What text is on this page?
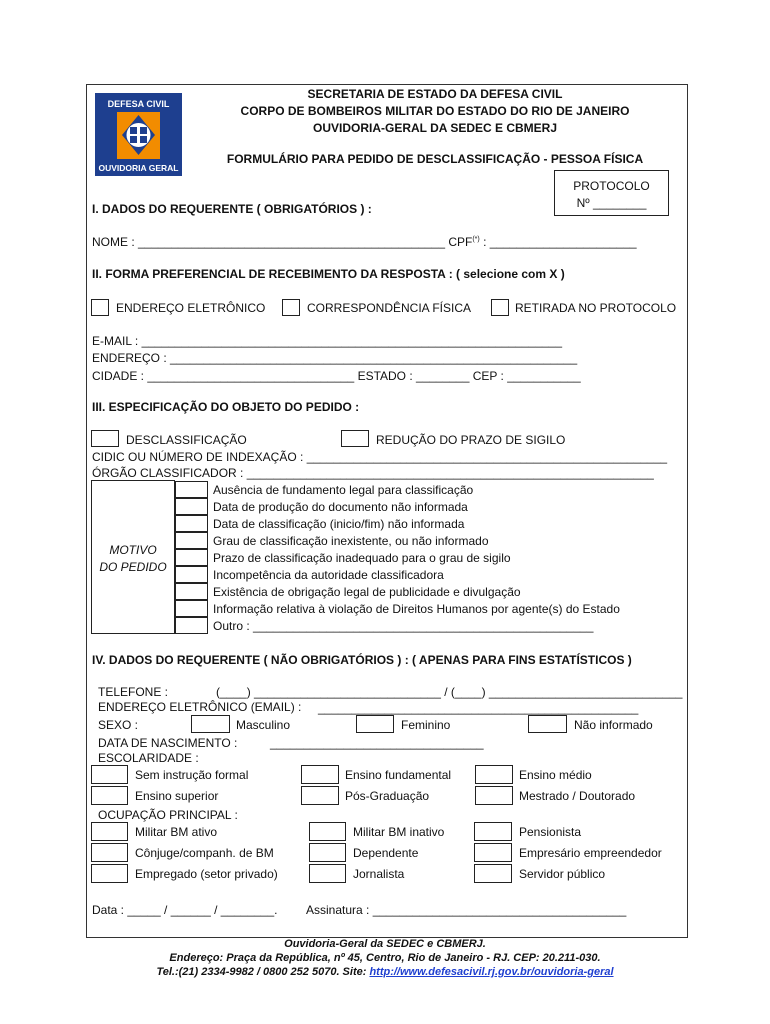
DEFESA CIVIL
OUVIDORIA GERAL
SECRETARIA DE ESTADO DA DEFESA CIVIL
CORPO DE BOMBEIROS MILITAR DO ESTADO DO RIO DE JANEIRO
OUVIDORIA-GERAL DA SEDEC E CBMERJ
FORMULÁRIO PARA PEDIDO DE DESCLASSIFICAÇÃO - PESSOA FÍSICA
PROTOCOLO
Nº ________
I. DADOS DO REQUERENTE ( OBRIGATÓRIOS ) :
NOME : ______________________________________________ CPF(*) : ______________________
II. FORMA PREFERENCIAL DE RECEBIMENTO DA RESPOSTA : ( selecione com X )
ENDEREÇO ELETRÔNICO	CORRESPONDÊNCIA FÍSICA	RETIRADA NO PROTOCOLO
E-MAIL : _______________________________________________________________
ENDEREÇO : _____________________________________________________________
CIDADE : _______________________________ ESTADO : ________ CEP : ___________
III. ESPECIFICAÇÃO DO OBJETO DO PEDIDO :
DESCLASSIFICAÇÃO	REDUÇÃO DO PRAZO DE SIGILO
CIDIC OU NÚMERO DE INDEXAÇÃO : ______________________________________________________
ÓRGÃO CLASSIFICADOR : _____________________________________________________________
MOTIVO
DO PEDIDO
Ausência de fundamento legal para classificação
Data de produção do documento não informada
Data de classificação (inicio/fim) não informada
Grau de classificação inexistente, ou não informado
Prazo de classificação inadequado para o grau de sigilo
Incompetência da autoridade classificadora
Existência de obrigação legal de publicidade e divulgação
Informação relativa à violação de Direitos Humanos por agente(s) do Estado
Outro : ___________________________________________________
IV. DADOS DO REQUERENTE ( NÃO OBRIGATÓRIOS ) : ( APENAS PARA FINS ESTATÍSTICOS )
TELEFONE :	(____) ____________________________ / (____) _____________________________
ENDEREÇO ELETRÔNICO (EMAIL) : ________________________________________________
SEXO :	Masculino	Feminino	Não informado
DATA DE NASCIMENTO :	________________________________
ESCOLARIDADE :
Sem instrução formal	Ensino fundamental	Ensino médio
Ensino superior	Pós-Graduação	Mestrado / Doutorado
OCUPAÇÃO PRINCIPAL :
Militar BM ativo	Militar BM inativo	Pensionista
Cônjuge/companh. de BM	Dependente	Empresário empreendedor
Empregado (setor privado)	Jornalista	Servidor público
Data : _____ / ______ / ________. Assinatura : ______________________________________
Ouvidoria-Geral da SEDEC e CBMERJ.
Endereço: Praça da República, nº 45, Centro, Rio de Janeiro - RJ. CEP: 20.211-030.
Tel.:(21) 2334-9982 / 0800 252 5070. Site: http://www.defesacivil.rj.gov.br/ouvidoria-geral
